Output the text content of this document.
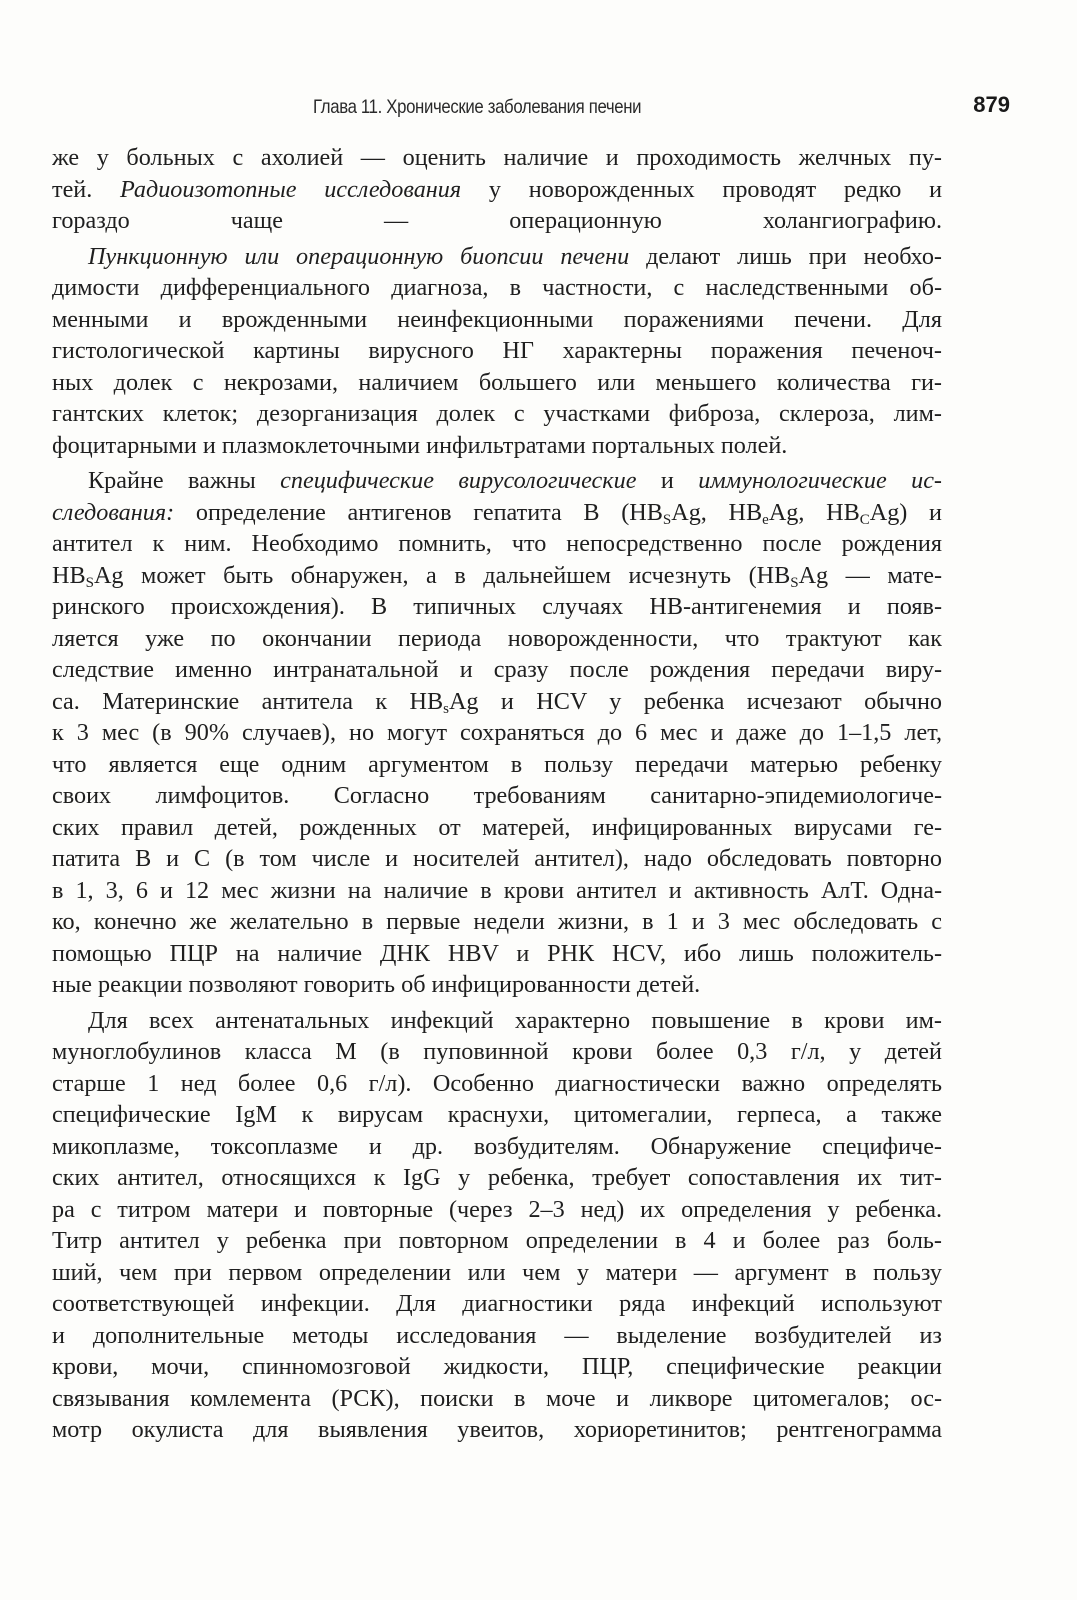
Глава 11. Хронические заболевания печени	879
же у больных с ахолией — оценить наличие и проходимость желчных пу-
тей. Радиоизотопные исследования у новорожденных проводят редко и
гораздо чаще — операционную холангиографию.
Пункционную или операционную биопсии печени делают лишь при необхо-
димости дифференциального диагноза, в частности, с наследственными об-
менными и врожденными неинфекционными поражениями печени. Для
гистологической картины вирусного НГ характерны поражения печеноч-
ных долек с некрозами, наличием большего или меньшего количества ги-
гантских клеток; дезорганизация долек с участками фиброза, склероза, лим-
фоцитарными и плазмоклеточными инфильтратами портальных полей.
Крайне важны специфические вирусологические и иммунологические ис-
следования: определение антигенов гепатита В ($HB_SAg$, $HB_eAg$, $HB_CAg$) и
антител к ним. Необходимо помнить, что непосредственно после рождения
$HB_SAg$ может быть обнаружен, а в дальнейшем исчезнуть ($HB_SAg$ — мате-
ринского происхождения). В типичных случаях HB-антигенемия и появ-
ляется уже по окончании периода новорожденности, что трактуют как
следствие именно интранатальной и сразу после рождения передачи виру-
са. Материнские антитела к $HB_sAg$ и HCV у ребенка исчезают обычно
к 3 мес (в 90% случаев), но могут сохраняться до 6 мес и даже до 1–1,5 лет,
что является еще одним аргументом в пользу передачи матерью ребенку
своих лимфоцитов. Согласно требованиям санитарно-эпидемиологиче-
ских правил детей, рожденных от матерей, инфицированных вирусами ге-
патита В и С (в том числе и носителей антител), надо обследовать повторно
в 1, 3, 6 и 12 мес жизни на наличие в крови антител и активность АлТ. Одна-
ко, конечно же желательно в первые недели жизни, в 1 и 3 мес обследовать с
помощью ПЦР на наличие ДНК HBV и РНК HCV, ибо лишь положитель-
ные реакции позволяют говорить об инфицированности детей.
Для всех антенатальных инфекций характерно повышение в крови им-
муноглобулинов класса М (в пуповинной крови более 0,3 г/л, у детей
старше 1 нед более 0,6 г/л). Особенно диагностически важно определять
специфические IgM к вирусам краснухи, цитомегалии, герпеса, а также
микоплазме, токсоплазме и др. возбудителям. Обнаружение специфиче-
ских антител, относящихся к IgG у ребенка, требует сопоставления их тит-
ра с титром матери и повторные (через 2–3 нед) их определения у ребенка.
Титр антител у ребенка при повторном определении в 4 и более раз боль-
ший, чем при первом определении или чем у матери — аргумент в пользу
соответствующей инфекции. Для диагностики ряда инфекций используют
и дополнительные методы исследования — выделение возбудителей из
крови, мочи, спинномозговой жидкости, ПЦР, специфические реакции
связывания комлемента (РСК), поиски в моче и ликворе цитомегалов; ос-
мотр окулиста для выявления увеитов, хориоретинитов; рентгенограмма
